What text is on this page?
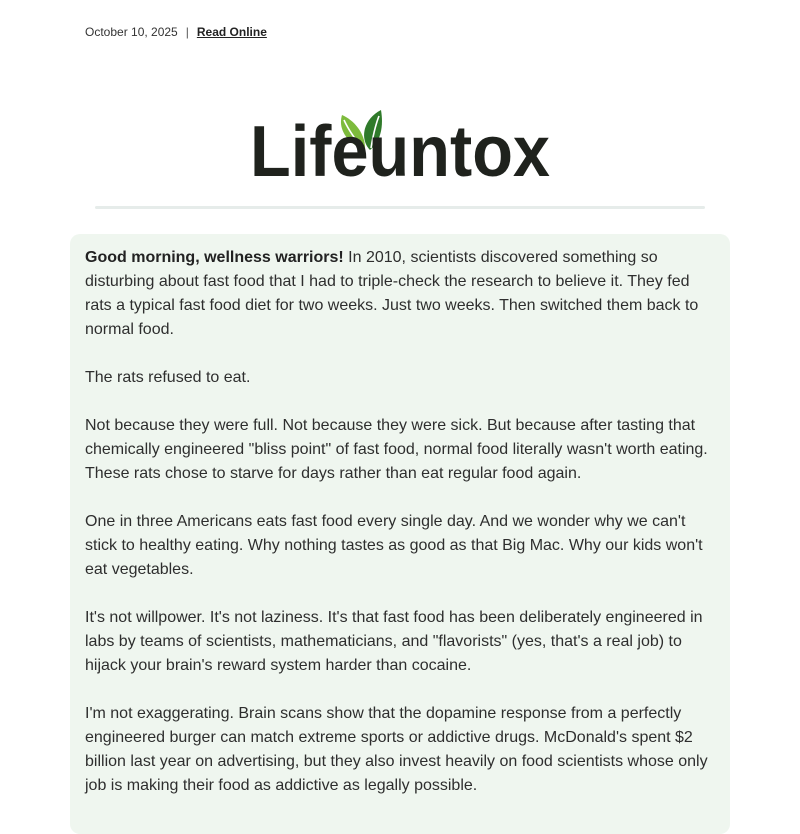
October 10, 2025 | Read Online
Lifeuntox

Good morning, wellness warriors! In 2010, scientists discovered something so disturbing about fast food that I had to triple-check the research to believe it. They fed rats a typical fast food diet for two weeks. Just two weeks. Then switched them back to normal food.

The rats refused to eat.

Not because they were full. Not because they were sick. But because after tasting that chemically engineered "bliss point" of fast food, normal food literally wasn't worth eating. These rats chose to starve for days rather than eat regular food again.

One in three Americans eats fast food every single day. And we wonder why we can't stick to healthy eating. Why nothing tastes as good as that Big Mac. Why our kids won't eat vegetables.

It's not willpower. It's not laziness. It's that fast food has been deliberately engineered in labs by teams of scientists, mathematicians, and "flavorists" (yes, that's a real job) to hijack your brain's reward system harder than cocaine.

I'm not exaggerating. Brain scans show that the dopamine response from a perfectly engineered burger can match extreme sports or addictive drugs. McDonald's spent $2 billion last year on advertising, but they also invest heavily on food scientists whose only job is making their food as addictive as legally possible.
